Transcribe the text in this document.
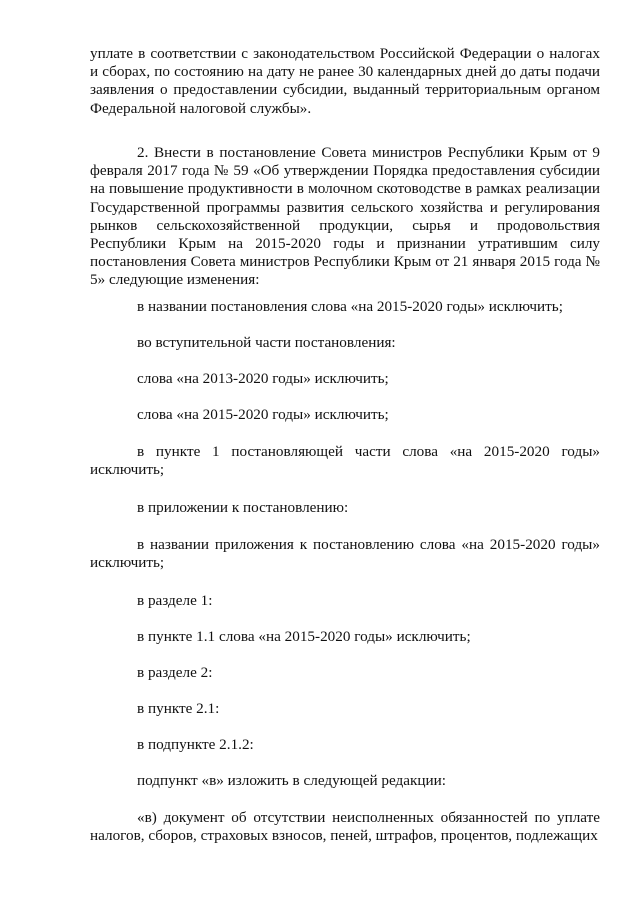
уплате в соответствии с законодательством Российской Федерации о налогах и сборах, по состоянию на дату не ранее 30 календарных дней до даты подачи заявления о предоставлении субсидии, выданный территориальным органом Федеральной налоговой службы».

2. Внести в постановление Совета министров Республики Крым от 9 февраля 2017 года № 59 «Об утверждении Порядка предоставления субсидии на повышение продуктивности в молочном скотоводстве в рамках реализации Государственной программы развития сельского хозяйства и регулирования рынков сельскохозяйственной продукции, сырья и продовольствия Республики Крым на 2015-2020 годы и признании утратившим силу постановления Совета министров Республики Крым от 21 января 2015 года № 5» следующие изменения:

в названии постановления слова «на 2015-2020 годы» исключить;

во вступительной части постановления:

слова «на 2013-2020 годы» исключить;

слова «на 2015-2020 годы» исключить;

в пункте 1 постановляющей части слова «на 2015-2020 годы» исключить;

в приложении к постановлению:

в названии приложения к постановлению слова «на 2015-2020 годы» исключить;

в разделе 1:

в пункте 1.1 слова «на 2015-2020 годы» исключить;

в разделе 2:

в пункте 2.1:

в подпункте 2.1.2:

подпункт «в» изложить в следующей редакции:

«в) документ об отсутствии неисполненных обязанностей по уплате налогов, сборов, страховых взносов, пеней, штрафов, процентов, подлежащих
